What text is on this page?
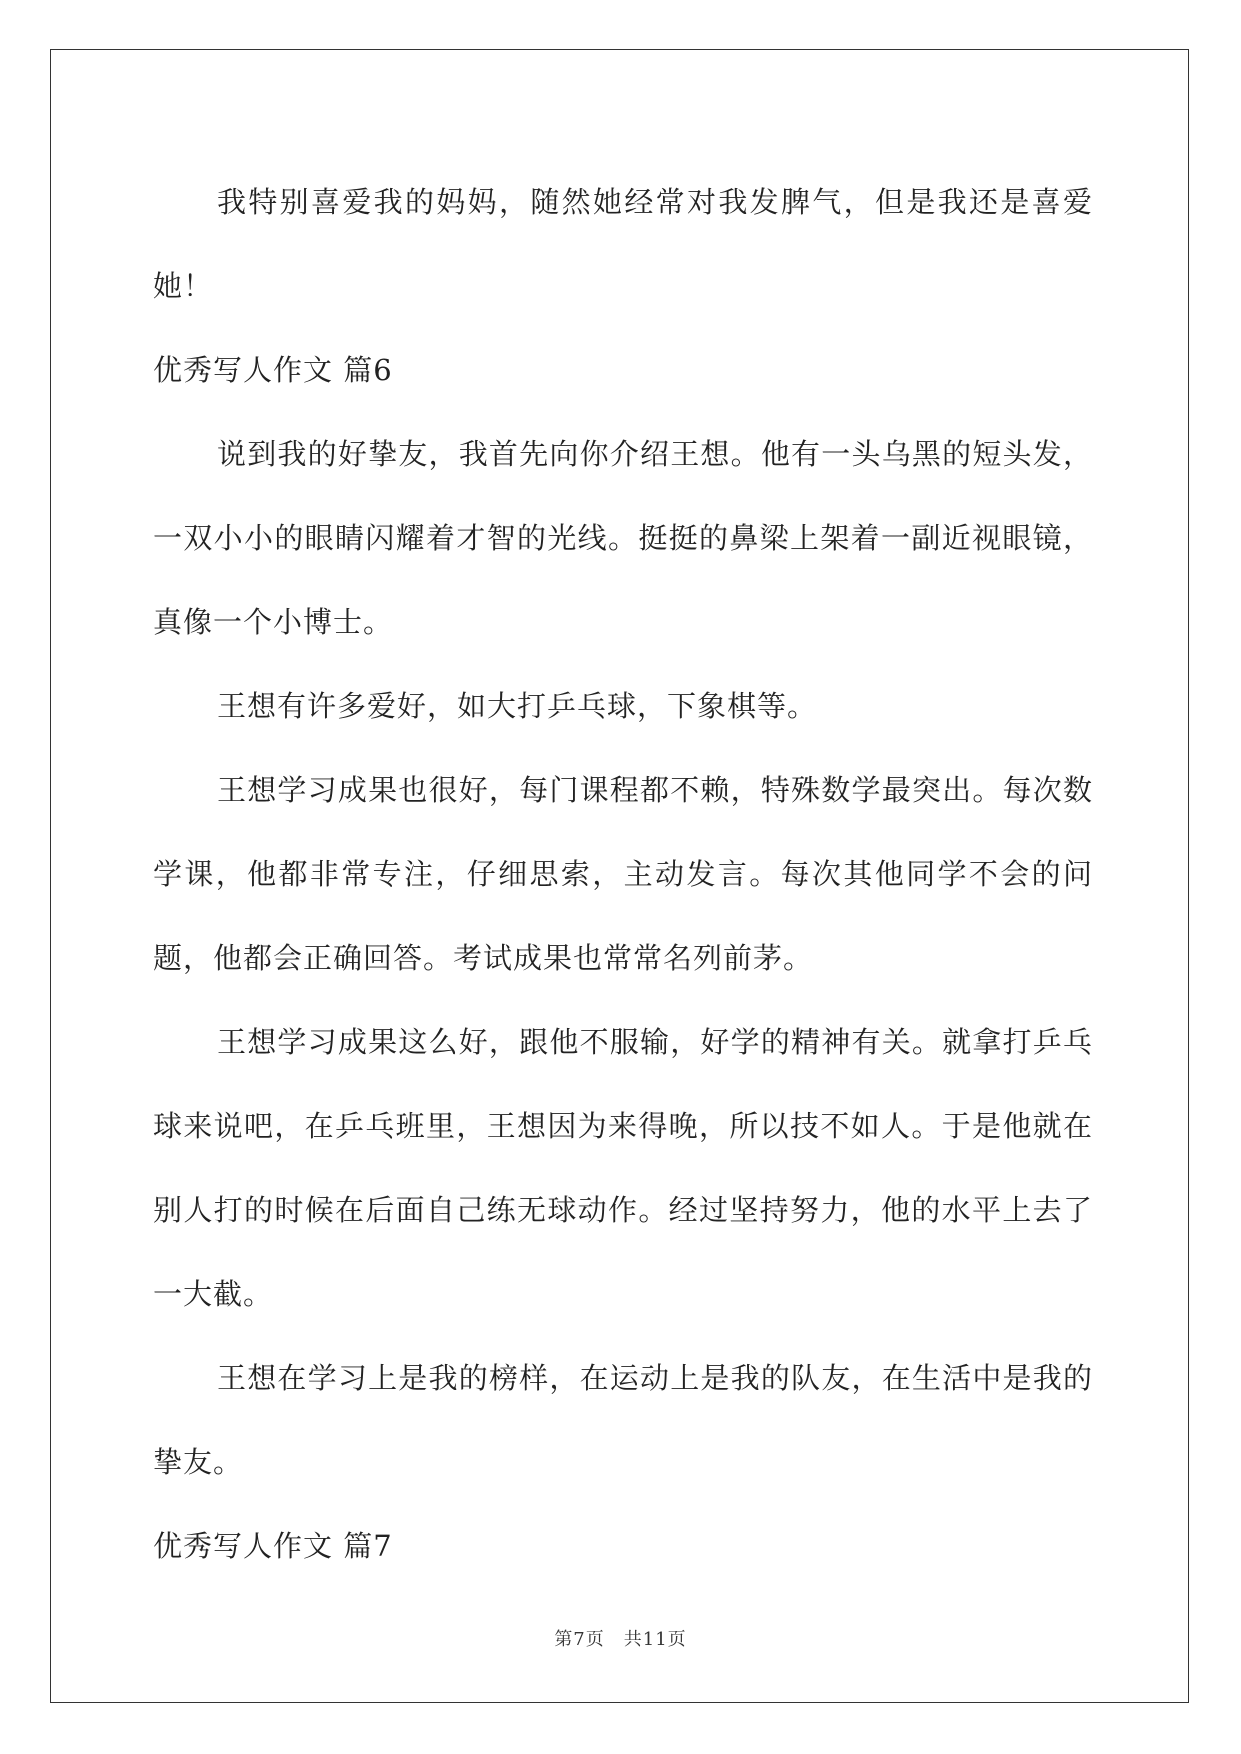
我特别喜爱我的妈妈，随然她经常对我发脾气，但是我还是喜爱她！

优秀写人作文 篇6

说到我的好挚友，我首先向你介绍王想。他有一头乌黑的短头发，一双小小的眼睛闪耀着才智的光线。挺挺的鼻梁上架着一副近视眼镜，真像一个小博士。

王想有许多爱好，如大打乒乓球，下象棋等。

王想学习成果也很好，每门课程都不赖，特殊数学最突出。每次数学课，他都非常专注，仔细思索，主动发言。每次其他同学不会的问题，他都会正确回答。考试成果也常常名列前茅。

王想学习成果这么好，跟他不服输，好学的精神有关。就拿打乒乓球来说吧，在乒乓班里，王想因为来得晚，所以技不如人。于是他就在别人打的时候在后面自己练无球动作。经过坚持努力，他的水平上去了一大截。

王想在学习上是我的榜样，在运动上是我的队友，在生活中是我的挚友。

优秀写人作文 篇7
第7页　共11页
